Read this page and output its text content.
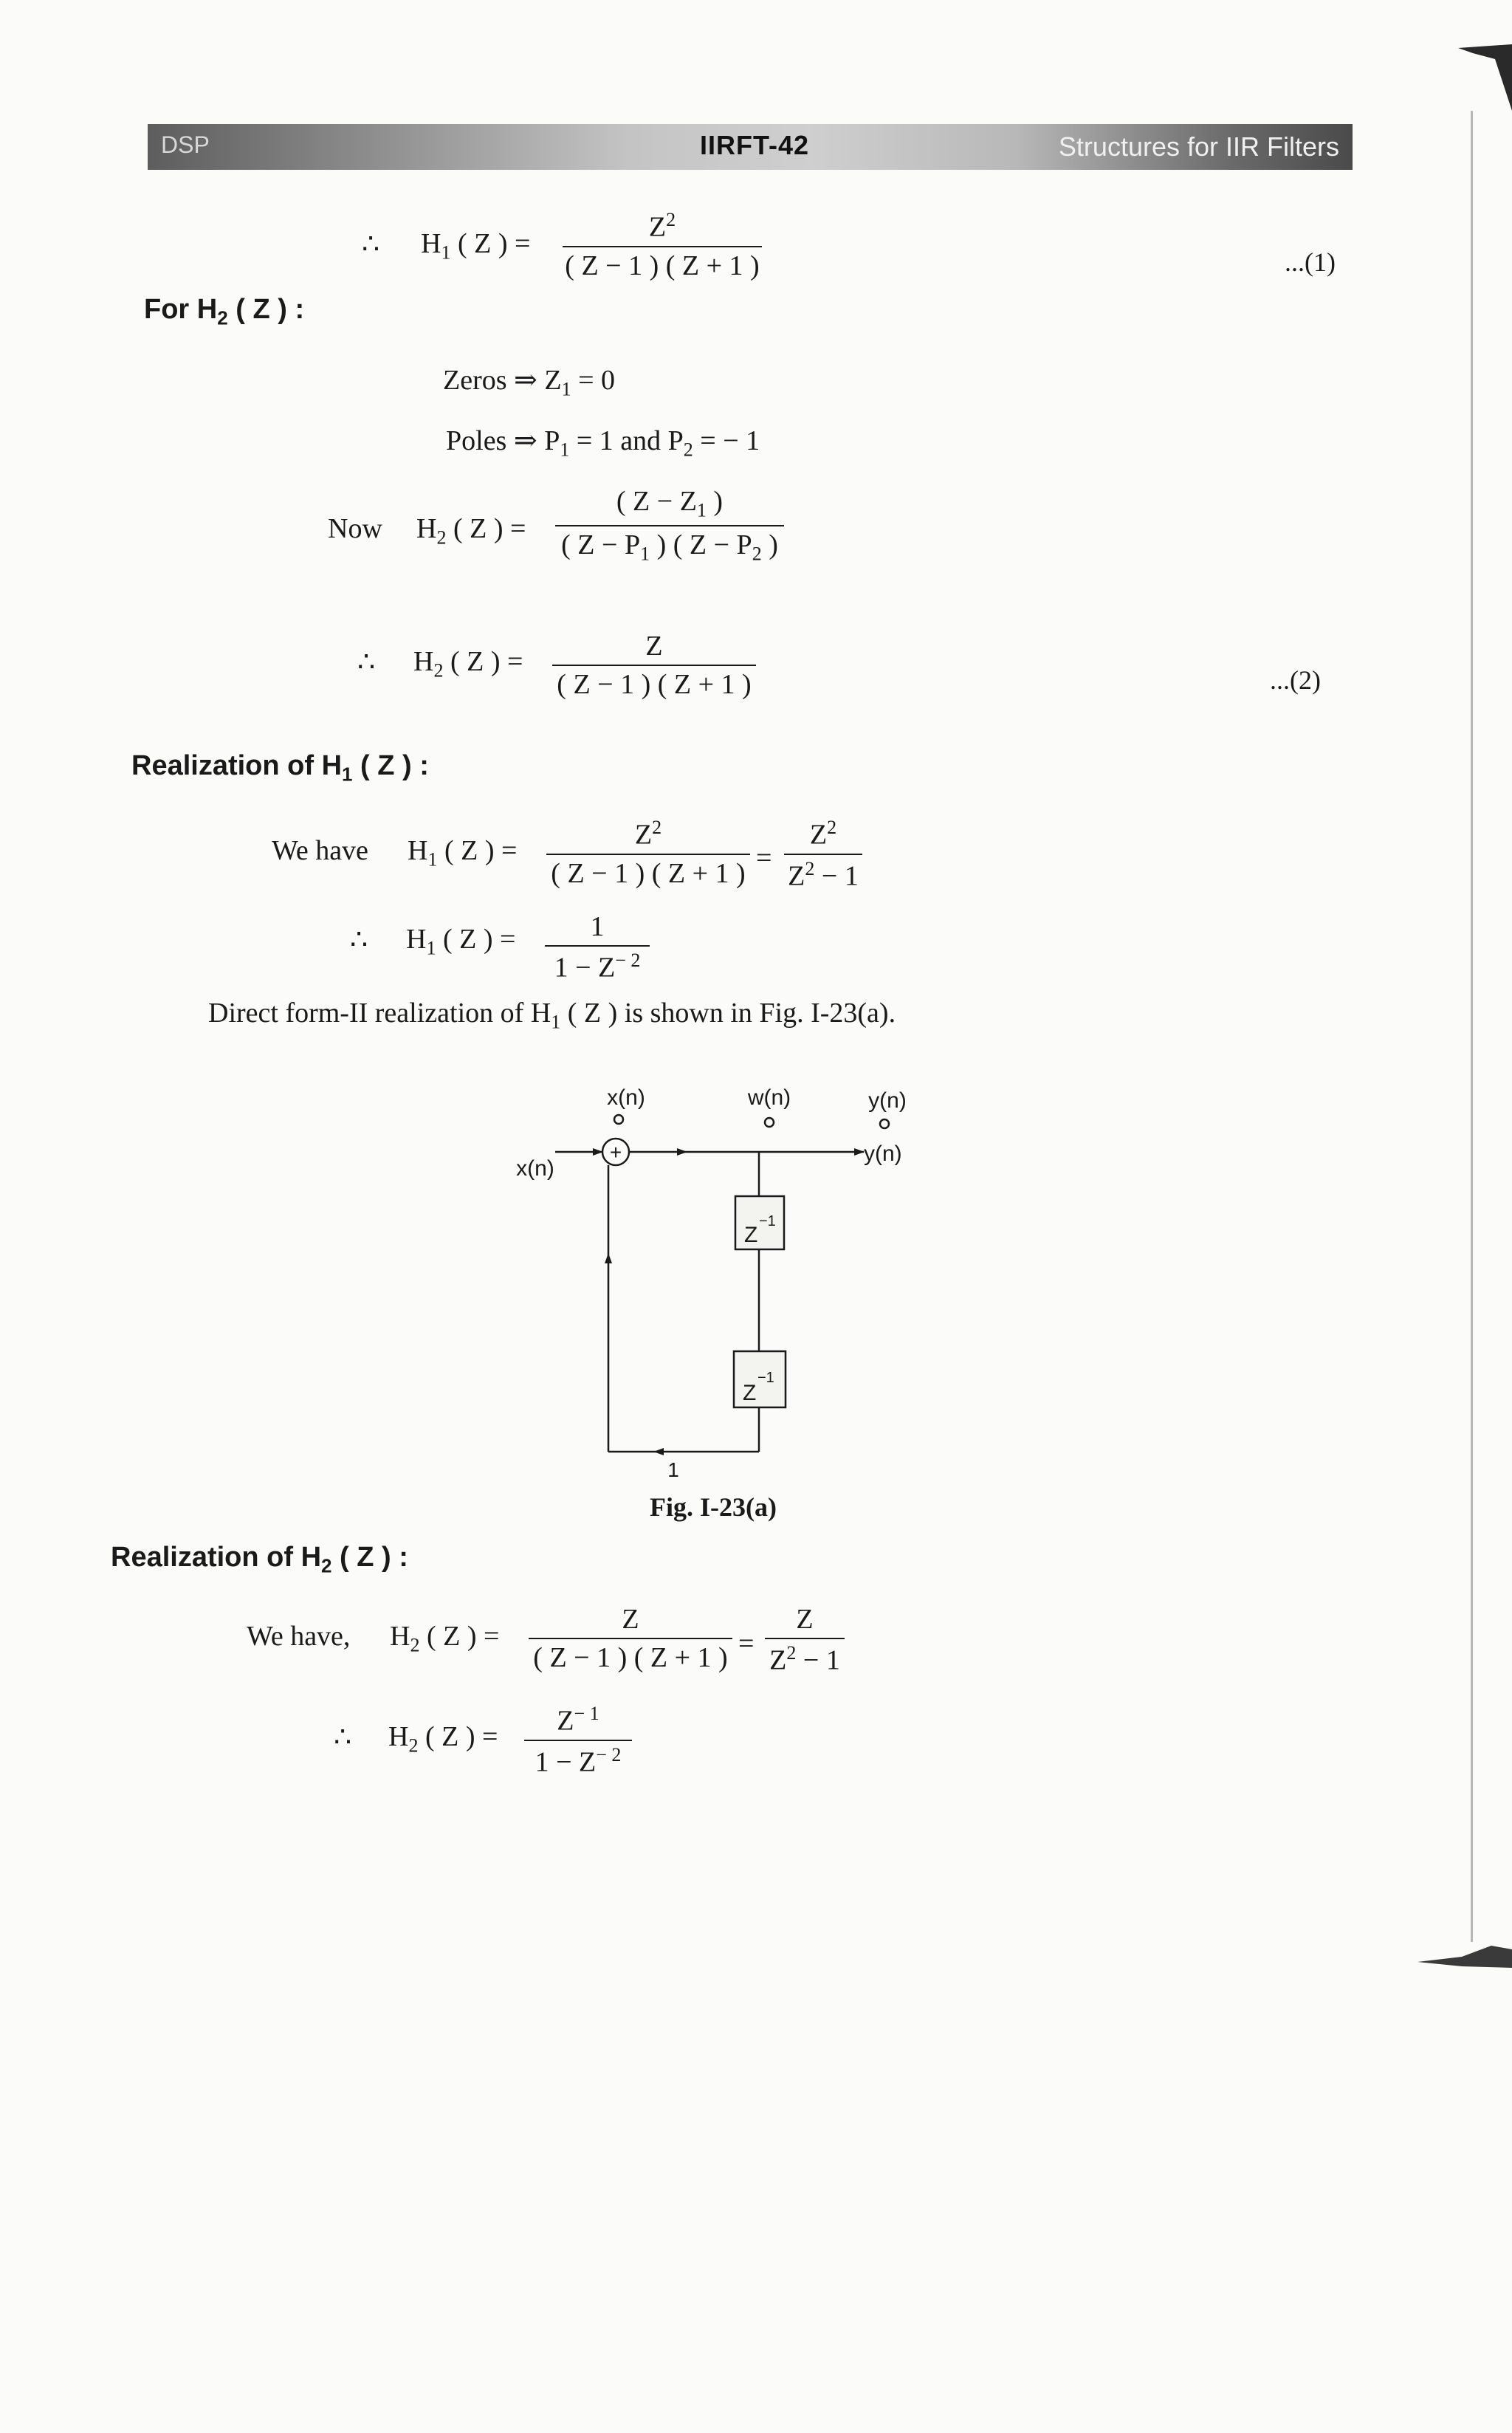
DSP	IIRFT-42	Structures for IIR Filters
∴ $H_1$ ( Z ) =
$Z^2$
( Z − 1 ) ( Z + 1 )	...(1)
For $H_2$ ( Z ) :
Zeros ⇒ $Z_1 = 0$
Poles ⇒ $P_1 = 1$ and $P_2$ = − 1
Now $H_2$ ( Z ) =
( $Z - Z_1$ )
( $Z - P_1$ ) ( $Z - P_2$ )
∴ $H_2$ ( Z ) =	Z
( Z − 1 ) ( Z + 1 )	...(2)
Realization of $H_1$ ( Z ) :
We have $H_1$ ( Z ) =
$Z^2$
( Z − 1 ) ( Z + 1 ) =
$Z^2$
$Z^2 - 1$
∴ $H_1$ ( Z ) =	1
$1 - Z^{- 2}$
Direct form-II realization of $H_1$ ( Z ) is shown in Fig. I-23(a).
x(n)	w(n)	y(n)
x(n)
+	y(n)
Z
−1
Z
−1
1
Fig. I-23(a)
Realization of $H_2$ ( Z ) :
We have, $H_2$ ( Z ) =
Z
( Z − 1 ) ( Z + 1 ) =
Z
$Z^2 - 1$
∴ $H_2$ ( Z ) =
$Z^{- 1}$
$1 - Z^{- 2}$
